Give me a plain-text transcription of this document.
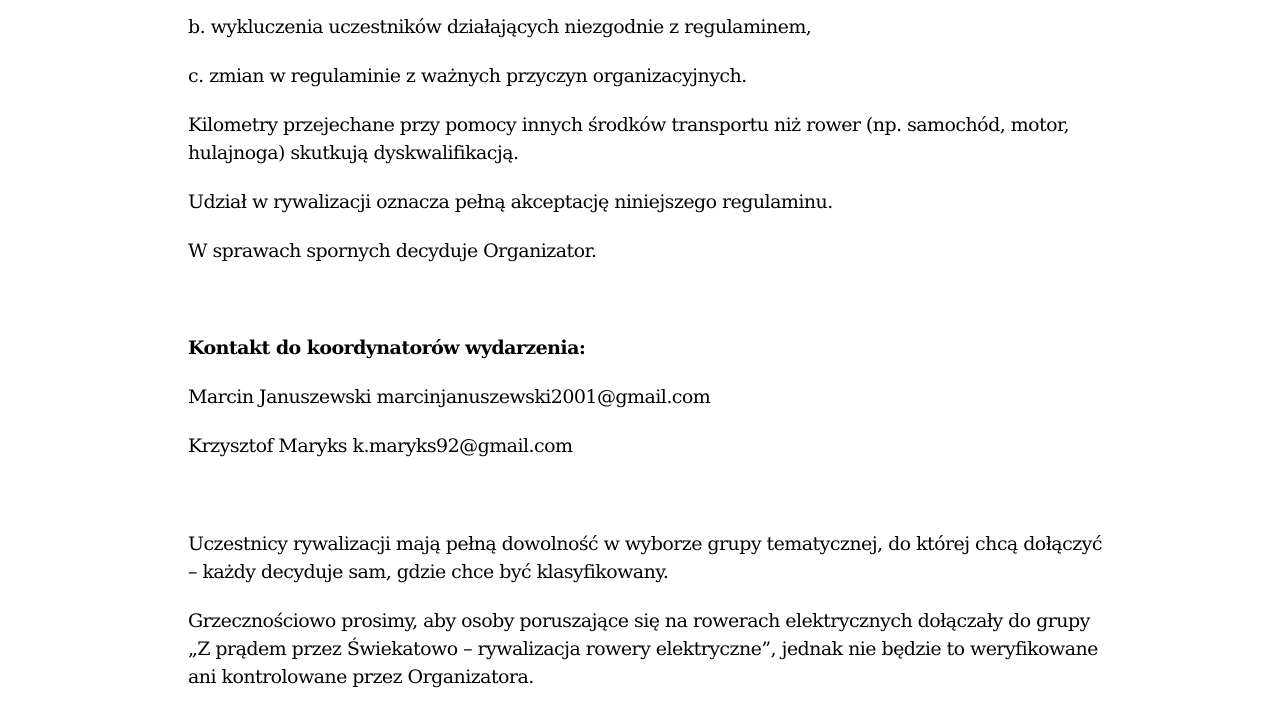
b. wykluczenia uczestników działających niezgodnie z regulaminem,

c. zmian w regulaminie z ważnych przyczyn organizacyjnych.

Kilometry przejechane przy pomocy innych środków transportu niż rower (np. samochód, motor,
hulajnoga) skutkują dyskwalifikacją.

Udział w rywalizacji oznacza pełną akceptację niniejszego regulaminu.

W sprawach spornych decyduje Organizator.

Kontakt do koordynatorów wydarzenia:

Marcin Januszewski marcinjanuszewski2001@gmail.com

Krzysztof Maryks k.maryks92@gmail.com

Uczestnicy rywalizacji mają pełną dowolność w wyborze grupy tematycznej, do której chcą dołączyć
– każdy decyduje sam, gdzie chce być klasyfikowany.

Grzecznościowo prosimy, aby osoby poruszające się na rowerach elektrycznych dołączały do grupy
„Z prądem przez Świekatowo – rywalizacja rowery elektryczne”, jednak nie będzie to weryfikowane
ani kontrolowane przez Organizatora.
